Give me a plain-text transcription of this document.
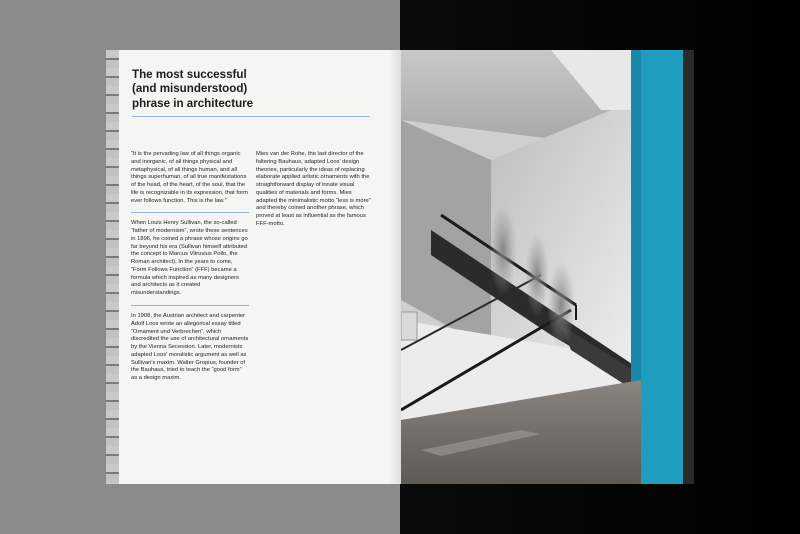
The most successful
(and misunderstood)
phrase in architecture

“It is the pervading law of all things organic and inorganic, of all things physical and metaphysical, of all things human, and all things superhuman, of all true manifestations of the head, of the heart, of the soul, that the life is recognizable in its expression, that form ever follows function. This is the law.”

When Louis Henry Sullivan, the so-called “father of modernism”, wrote these sentences in 1896, he coined a phrase whose origins go far beyond his era (Sullivan himself attributed the concept to Marcus Vitruvius Pollo, the Roman architect). In the years to come, “Form Follows Function” (FFF) became a formula which inspired as many designers and architects as it created misunderstandings.

In 1908, the Austrian architect and carpenter Adolf Loos wrote an allegorical essay titled “Ornament und Verbrechen”, which discredited the use of architectural ornaments by the Vienna Secession. Later, modernists adapted Loos’ moralistic argument as well as Sullivan’s maxim. Walter Gropius, founder of the Bauhaus, tried to teach the “good form” as a design maxim.

Mies van der Rohe, the last director of the faltering Bauhaus, adapted Loos’ design theories, particularly the ideas of replacing elaborate applied artistic ornaments with the straightforward display of innate visual qualities of materials and forms. Mies adapted the minimalistic motto “less is more” and thereby coined another phrase, which proved at least as influential as the famous FFF-motto.
